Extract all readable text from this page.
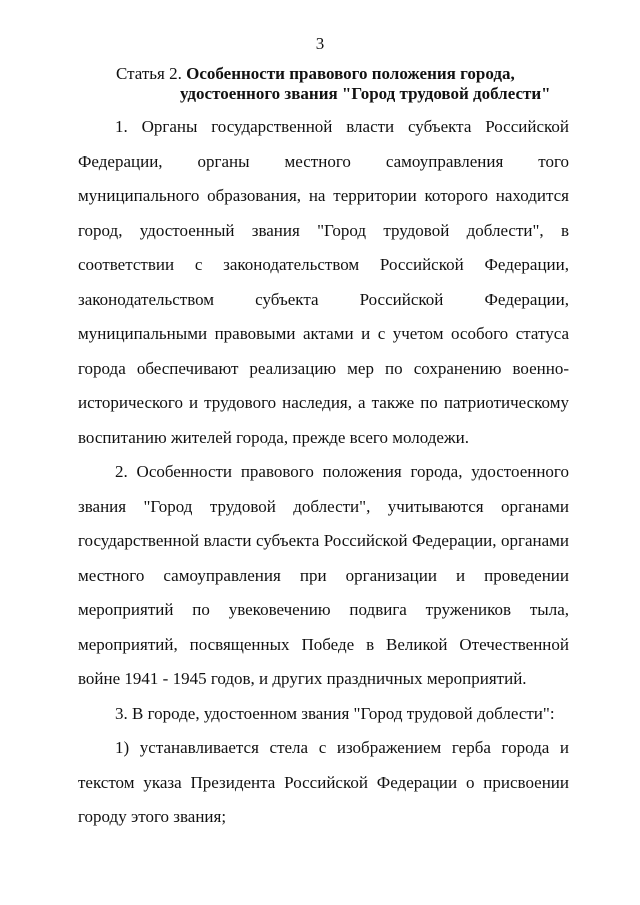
3
Статья 2. Особенности правового положения города,
удостоенного звания "Город трудовой доблести"

1. Органы государственной власти субъекта Российской Федерации, органы местного самоуправления того муниципального образования, на территории которого находится город, удостоенный звания "Город трудовой доблести", в соответствии с законодательством Российской Федерации, законодательством субъекта Российской Федерации, муниципальными правовыми актами и с учетом особого статуса города обеспечивают реализацию мер по сохранению военно-исторического и трудового наследия, а также по патриотическому воспитанию жителей города, прежде всего молодежи.

2. Особенности правового положения города, удостоенного звания "Город трудовой доблести", учитываются органами государственной власти субъекта Российской Федерации, органами местного самоуправления при организации и проведении мероприятий по увековечению подвига тружеников тыла, мероприятий, посвященных Победе в Великой Отечественной войне 1941 - 1945 годов, и других праздничных мероприятий.

3. В городе, удостоенном звания "Город трудовой доблести":

1) устанавливается стела с изображением герба города и текстом указа Президента Российской Федерации о присвоении городу этого звания;
